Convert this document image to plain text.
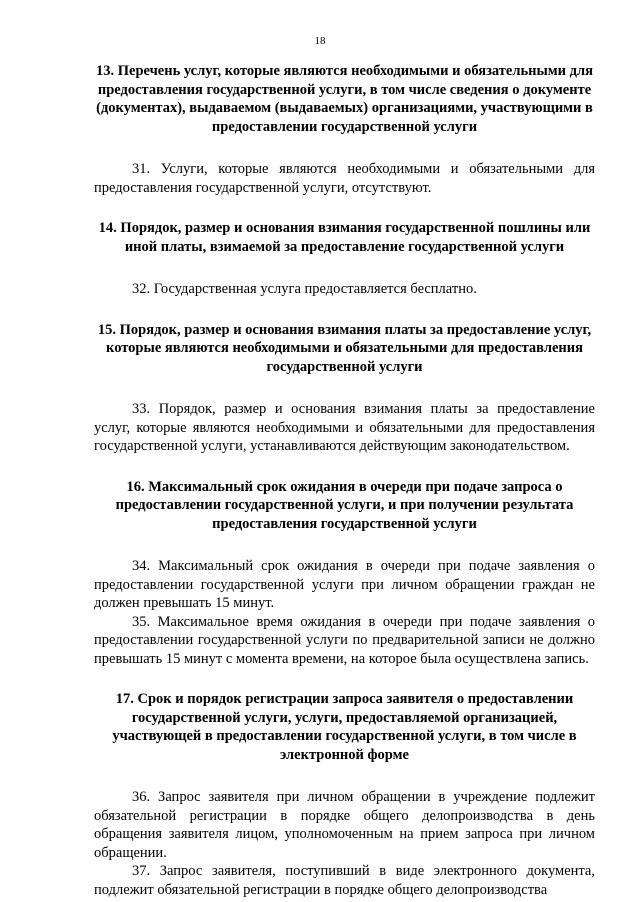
18

13. Перечень услуг, которые являются необходимыми и обязательными для предоставления государственной услуги, в том числе сведения о документе (документах), выдаваемом (выдаваемых) организациями, участвующими в предоставлении государственной услуги

31. Услуги, которые являются необходимыми и обязательными для предоставления государственной услуги, отсутствуют.

14. Порядок, размер и основания взимания государственной пошлины или иной платы, взимаемой за предоставление государственной услуги

32. Государственная услуга предоставляется бесплатно.

15. Порядок, размер и основания взимания платы за предоставление услуг, которые являются необходимыми и обязательными для предоставления государственной услуги

33. Порядок, размер и основания взимания платы за предоставление услуг, которые являются необходимыми и обязательными для предоставления государственной услуги, устанавливаются действующим законодательством.

16. Максимальный срок ожидания в очереди при подаче запроса о предоставлении государственной услуги, и при получении результата предоставления государственной услуги

34. Максимальный срок ожидания в очереди при подаче заявления о предоставлении государственной услуги при личном обращении граждан не должен превышать 15 минут.

35. Максимальное время ожидания в очереди при подаче заявления о предоставлении государственной услуги по предварительной записи не должно превышать 15 минут с момента времени, на которое была осуществлена запись.

17. Срок и порядок регистрации запроса заявителя о предоставлении государственной услуги, услуги, предоставляемой организацией, участвующей в предоставлении государственной услуги, в том числе в электронной форме

36. Запрос заявителя при личном обращении в учреждение подлежит обязательной регистрации в порядке общего делопроизводства в день обращения заявителя лицом, уполномоченным на прием запроса при личном обращении.

37. Запрос заявителя, поступивший в виде электронного документа, подлежит обязательной регистрации в порядке общего делопроизводства
